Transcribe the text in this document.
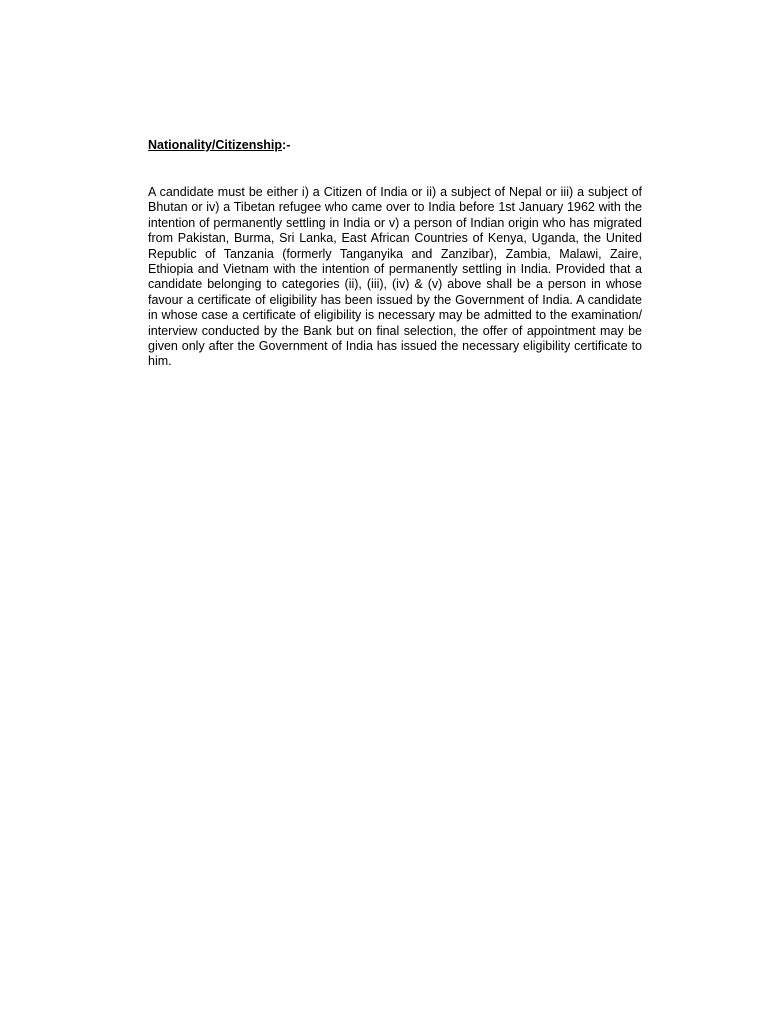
Nationality/Citizenship:-

A candidate must be either i) a Citizen of India or ii) a subject of Nepal or iii) a subject of Bhutan or iv) a Tibetan refugee who came over to India before 1st January 1962 with the intention of permanently settling in India or v) a person of Indian origin who has migrated from Pakistan, Burma, Sri Lanka, East African Countries of Kenya, Uganda, the United Republic of Tanzania (formerly Tanganyika and Zanzibar), Zambia, Malawi, Zaire, Ethiopia and Vietnam with the intention of permanently settling in India. Provided that a candidate belonging to categories (ii), (iii), (iv) & (v) above shall be a person in whose favour a certificate of eligibility has been issued by the Government of India. A candidate in whose case a certificate of eligibility is necessary may be admitted to the examination/ interview conducted by the Bank but on final selection, the offer of appointment may be given only after the Government of India has issued the necessary eligibility certificate to him.
